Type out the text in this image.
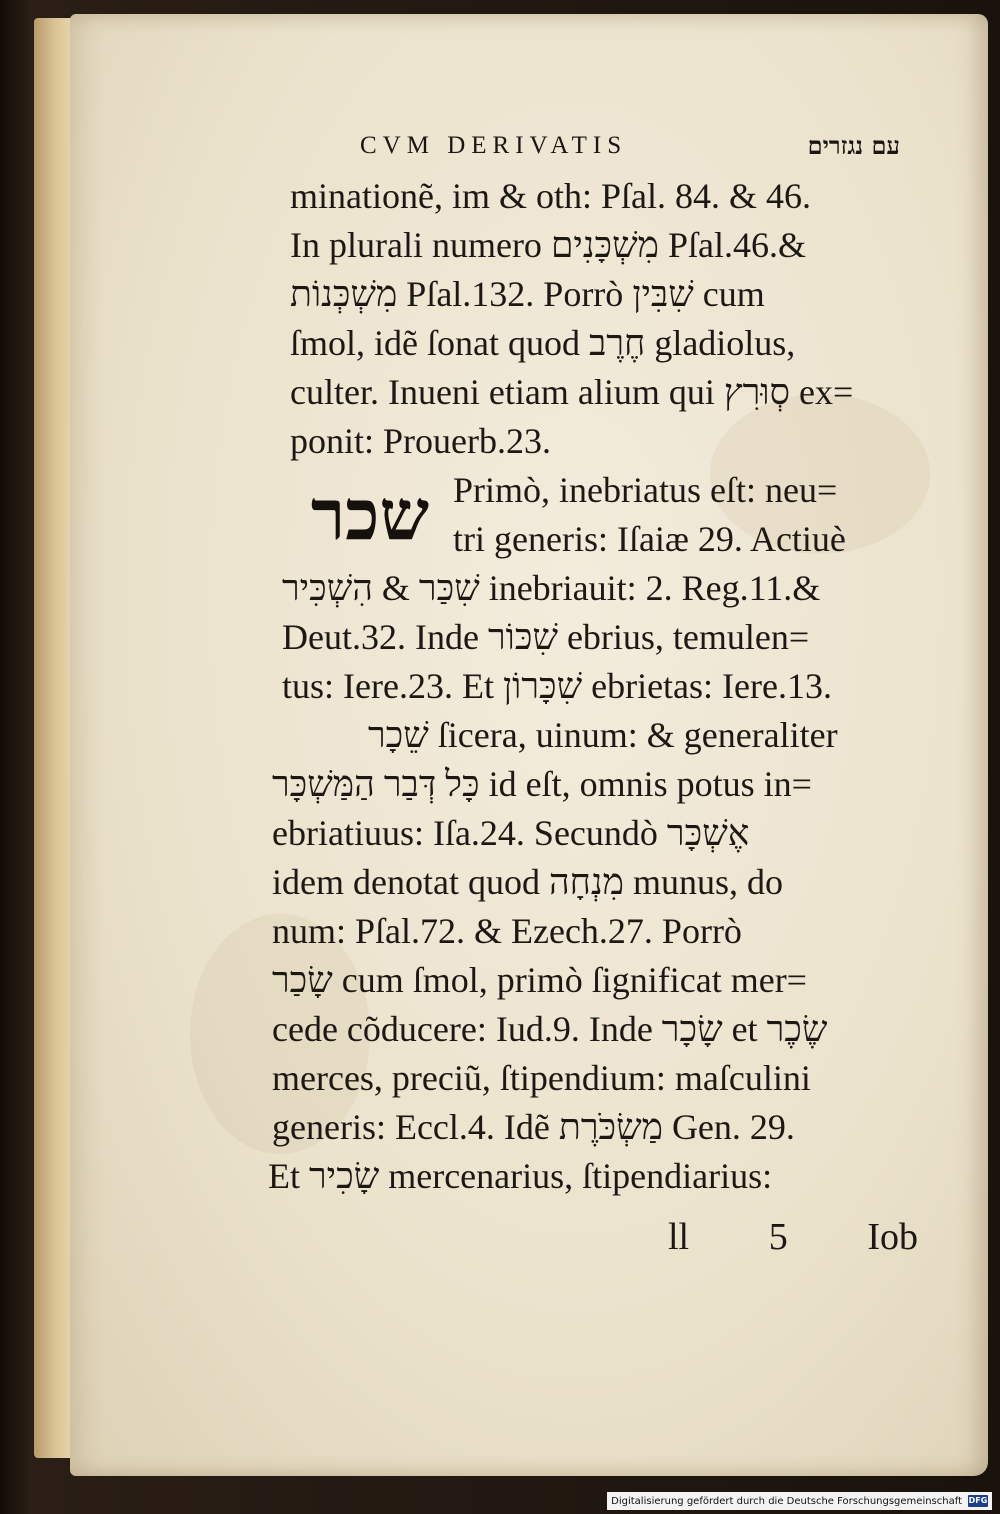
CVM DERIVATIS	עם נגזרים
שכר
minationẽ, im & oth: Pſal. 84. & 46.
In plurali numero מִשְׁכָּנִים Pſal.46.&
מִשְׁכְּנוֹת Pſal.132. Porrò שִׁבִּין cum
ſmol, idẽ ſonat quod חֶרֶב gladiolus,
culter. Inueni etiam alium qui סְוּרִץ ex=
ponit: Prouerb.23.
Primò, inebriatus eſt: neu=
tri generis: Iſaiæ 29. Actiuè
שִׁכַּר & הִשְׁכִּיר inebriauit: 2. Reg.11.&
Deut.32. Inde שִׁכּוֹר ebrius, temulen=
tus: Iere.23. Et שִׁכָּרוֹן ebrietas: Iere.13.
שֵׁכָר ſicera, uinum: & generaliter
כָּל דְּבַר הַמַּשְׁכָּר id eſt, omnis potus in=
ebriatiuus: Iſa.24. Secundò אֶשְׁכָּר
idem denotat quod מִנְחָה munus, do
num: Pſal.72. & Ezech.27. Porrò
שָׂכַר cum ſmol, primò ſignificat mer=
cede cõducere: Iud.9. Inde שָׂכָר et שֶׂכֶר
merces, preciũ, ſtipendium: maſculini
generis: Eccl.4. Idẽ מַשְׂכֹּרֶת Gen. 29.
Et שָׂכִיר mercenarius, ſtipendiarius:
ll 5 Iob
Digitalisierung gefördert durch die Deutsche Forschungsgemeinschaft DFG
